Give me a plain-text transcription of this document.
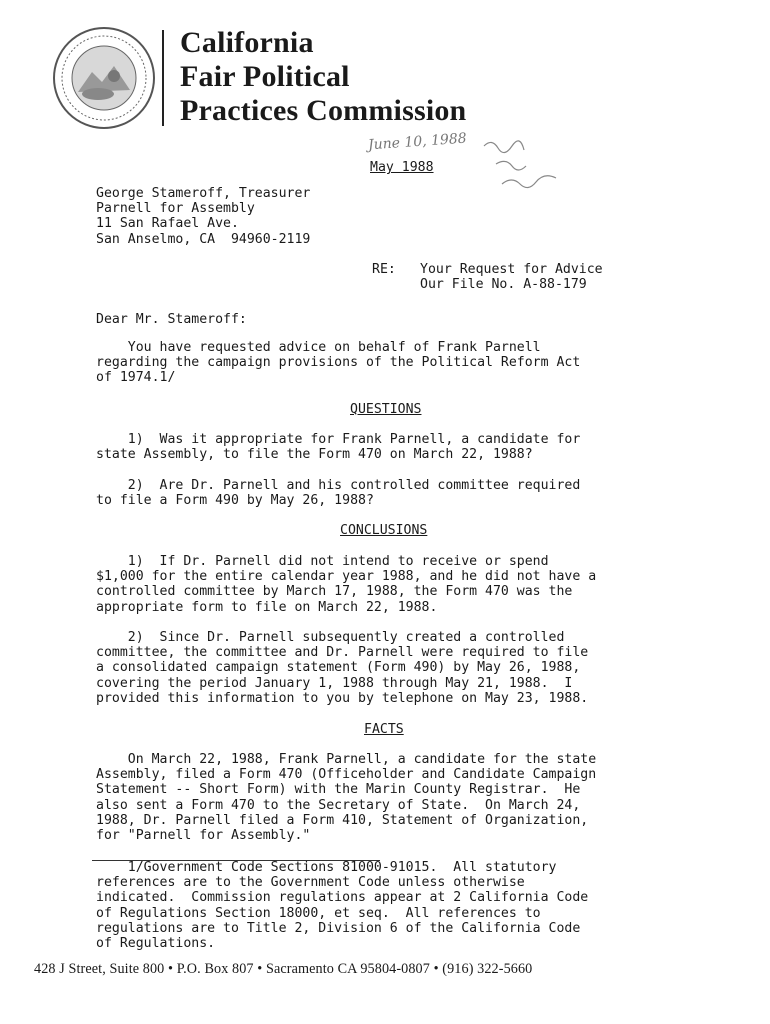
California
Fair Political
Practices Commission
June 10, 1988
May 1988
George Stameroff, Treasurer
Parnell for Assembly
11 San Rafael Ave.
San Anselmo, CA  94960-2119
RE: Your Request for Advice
Our File No. A-88-179
Dear Mr. Stameroff:
You have requested advice on behalf of Frank Parnell
regarding the campaign provisions of the Political Reform Act
of 1974.1/
QUESTIONS
1)  Was it appropriate for Frank Parnell, a candidate for
state Assembly, to file the Form 470 on March 22, 1988?
2)  Are Dr. Parnell and his controlled committee required
to file a Form 490 by May 26, 1988?
CONCLUSIONS
1)  If Dr. Parnell did not intend to receive or spend
$1,000 for the entire calendar year 1988, and he did not have a
controlled committee by March 17, 1988, the Form 470 was the
appropriate form to file on March 22, 1988.
2)  Since Dr. Parnell subsequently created a controlled
committee, the committee and Dr. Parnell were required to file
a consolidated campaign statement (Form 490) by May 26, 1988,
covering the period January 1, 1988 through May 21, 1988.  I
provided this information to you by telephone on May 23, 1988.
FACTS
On March 22, 1988, Frank Parnell, a candidate for the state
Assembly, filed a Form 470 (Officeholder and Candidate Campaign
Statement -- Short Form) with the Marin County Registrar.  He
also sent a Form 470 to the Secretary of State.  On March 24,
1988, Dr. Parnell filed a Form 410, Statement of Organization,
for "Parnell for Assembly."
1/Government Code Sections 81000-91015.  All statutory
references are to the Government Code unless otherwise
indicated.  Commission regulations appear at 2 California Code
of Regulations Section 18000, et seq.  All references to
regulations are to Title 2, Division 6 of the California Code
of Regulations.
428 J Street, Suite 800 • P.O. Box 807 • Sacramento CA 95804-0807 • (916) 322-5660
